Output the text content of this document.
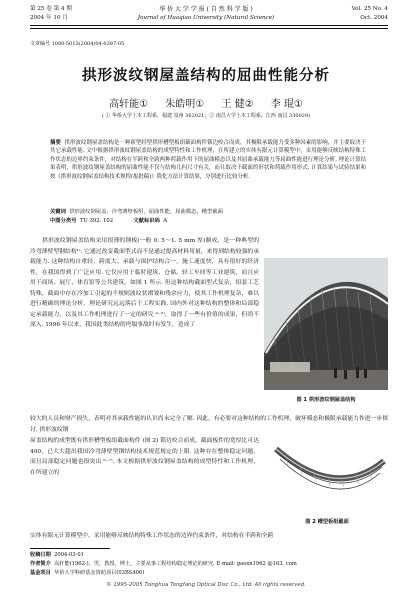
第 25 卷 第 4 期
2004 年 10 月
华 侨 大 学 学 报 ( 自 然 科 学 版 )
Journal of Huaqiao University (Natural Science)
Vol. 25 No. 4
Oct. 2004
文章编号 1000-5013(2004)04-0387-05
拱形波纹钢屋盖结构的屈曲性能分析
高轩能① 朱皓明① 王 健② 李 琨①
( ① 华侨大学土木工程系，福建 泉州 362021；② 南昌大学土木工程系，江西 南昌 330029)
摘要 拱形波纹钢屋盖结构是一种新型轻型拱形槽型板组截面构件锁边咬合而成，其极限承载能力受多种因素的影响，并主要取决于其它承载性能. 文中根据拱形波纹钢屋盖结构的成型特性和工作机理，在所建立的实体有限元计算模型中，采用能够反映结构特殊工作状态的边界约束条件，对结构在半跨和全跨两种荷载作用下的屈曲模态以及其屈曲承载能力等屈曲性能进行理论分析. 理论计算结果表明，拱形波纹钢屋盖结构的屈曲性能不仅与结构几何尺寸有关，而且取决于截面的形状和荷载作用形式. 计算结果与试验结果和按《拱形波纹钢屋盖结构技术规程(报批稿)》简化方法计算结果，分别进行比较分析.
关键词 拱形波纹钢屋盖，冷弯薄壁板组，屈曲性能，屈曲模态，槽型截面
中图分类号 TU 392. 102	文献标识码 A
拱形波纹钢屋盖结构采用很薄的钢板(一般 0. 5～1. 5 mm 厚)制成，是一种典型的冷弯薄壁型钢结构¹⁾. 它通过改变截面型式而不是通过提高材料用量，来得到结构较强的承载能力. 这种结构自重轻、跨度大、承载与围护结构合一，施工速度快，具有很好的经济性，在我国得到了广泛应用. 它仅应用于临时建筑、仓储、轻工车间等工业建筑，而且应用于商场、展厅、体育馆等公共建筑，如图 1 所示. 但这种结构截面型式复杂，组装工艺特殊，截面中存在冷加工引起的不规则波纹状褶皱和残余应力，使其工作机理复杂，难以进行精确的理论分析，理论研究远远落后于工程实践. 国内外对这种结构的整体和局部稳定承载能力，以及其工作机理进行了一定的研究 ²⁻⁵⁾，取得了一些有价值的成果，但尚不深入. 1996 年以来，我国此类结构的垮塌事故时有发生，造成了
较大的人员和财产损失，表明对其承载性能的认识尚未完全了解. 因此，有必要对这种结构的工作机理，破坏模态和极限承载能力作进一步探讨. 拱形波纹钢
屋盖结构的成型既有拱形槽型板组截面构件 (图 2) 锁边咬合而成，截面板件的宽厚比可达 400，已大大超出我国冷弯薄壁型钢结构技术规范规定的上限. 这种存在整体稳定问题，而且局部稳定问题也很突出 ⁶⁻⁷⁾. 本文根据拱形波纹钢屋盖结构的成型特性和工作机理，在所建立的
实体有限元计算模型中，采用能够反映结构特殊工作状态的边界约束条件，对结构在半跨和全跨
图 1 拱形波纹钢屋盖结构
图 2 槽型板组截面
收稿日期 2004-03-01
作者简介 高轩能(1962-)，男，教授，博士，主要从事工程结构稳定理论的研究. E-mail: gaoxn1962 @163. com
基金项目 华侨大学科研基金资助项目(03BS406)
© 1995-2005 Tsinghua Tongfang Optical Disc Co., Ltd. All rights reserved.
